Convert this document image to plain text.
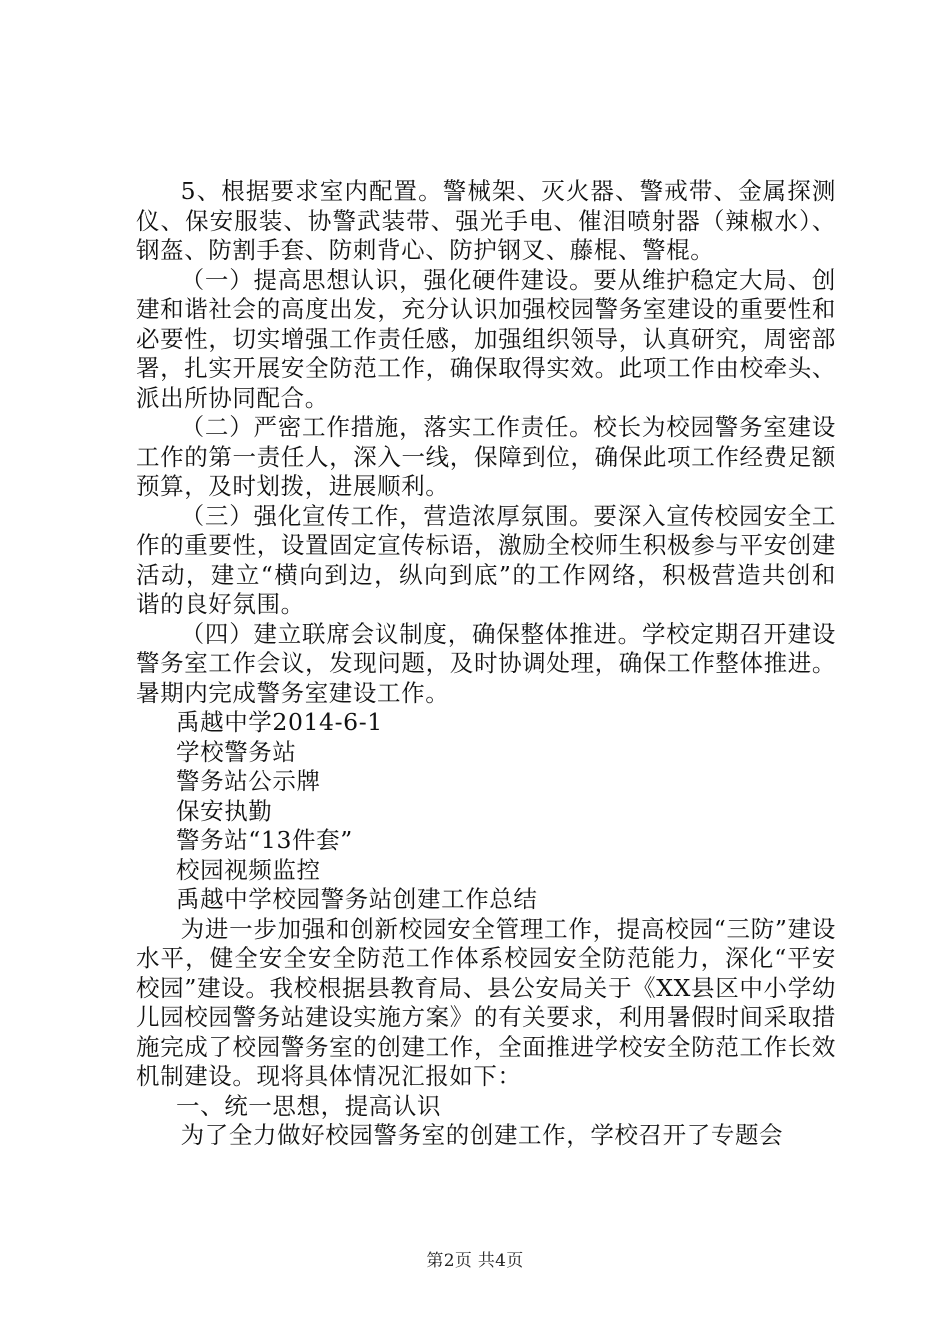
5、根据要求室内配置。警械架、灭火器、警戒带、金属探测仪、保安服装、协警武装带、强光手电、催泪喷射器（辣椒水）、钢盔、防割手套、防刺背心、防护钢叉、藤棍、警棍。

（一）提高思想认识，强化硬件建设。要从维护稳定大局、创建和谐社会的高度出发，充分认识加强校园警务室建设的重要性和必要性，切实增强工作责任感，加强组织领导，认真研究，周密部署，扎实开展安全防范工作，确保取得实效。此项工作由校牵头、派出所协同配合。

（二）严密工作措施，落实工作责任。校长为校园警务室建设工作的第一责任人，深入一线，保障到位，确保此项工作经费足额预算，及时划拨，进展顺利。

（三）强化宣传工作，营造浓厚氛围。要深入宣传校园安全工作的重要性，设置固定宣传标语，激励全校师生积极参与平安创建活动，建立“横向到边，纵向到底”的工作网络，积极营造共创和谐的良好氛围。

（四）建立联席会议制度，确保整体推进。学校定期召开建设警务室工作会议，发现问题，及时协调处理，确保工作整体推进。暑期内完成警务室建设工作。

禹越中学2014-6-1

学校警务站

警务站公示牌

保安执勤

警务站“13件套”

校园视频监控

禹越中学校园警务站创建工作总结

为进一步加强和创新校园安全管理工作，提高校园“三防”建设水平，健全安全安全防范工作体系校园安全防范能力，深化“平安校园”建设。我校根据县教育局、县公安局关于《XX县区中小学幼儿园校园警务站建设实施方案》的有关要求，利用暑假时间采取措施完成了校园警务室的创建工作，全面推进学校安全防范工作长效机制建设。现将具体情况汇报如下：

一、统一思想，提高认识

为了全力做好校园警务室的创建工作，学校召开了专题会

第2页 共4页
